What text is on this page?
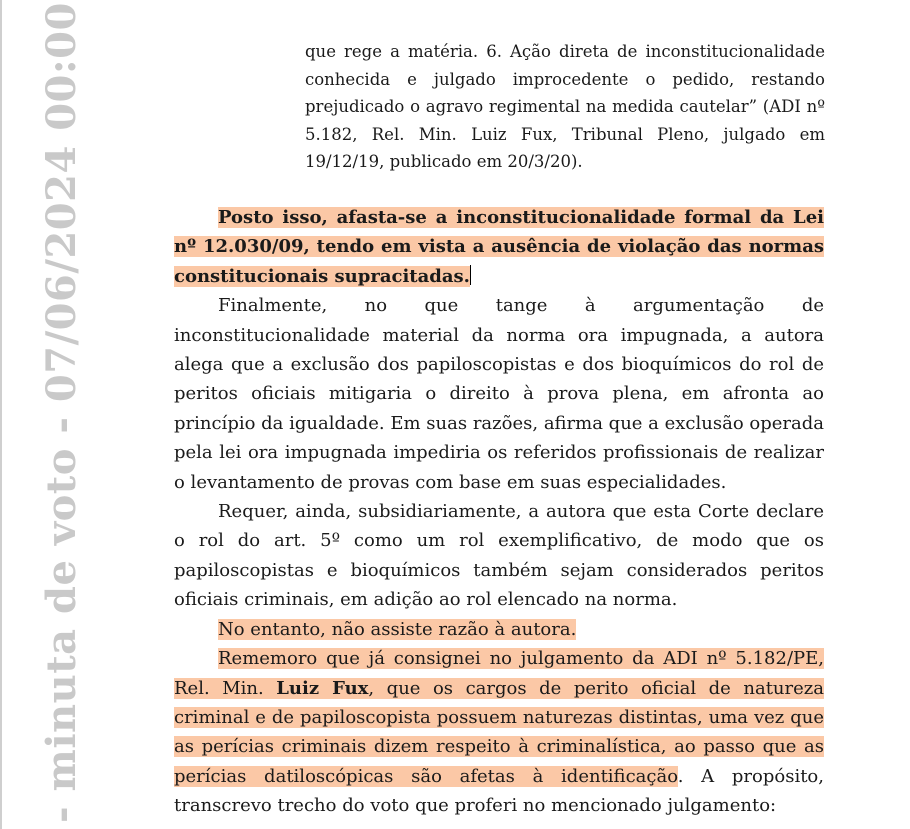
- minuta de voto - 07/06/2024 00:00	que rege a matéria. 6. Ação direta de inconstitucionalidade conhecida e julgado improcedente o pedido, restando prejudicado o agravo regimental na medida cautelar” (ADI nº 5.182, Rel. Min. Luiz Fux, Tribunal Pleno, julgado em 19/12/19, publicado em 20/3/20).

Posto isso, afasta-se a inconstitucionalidade formal da Lei nº 12.030/09, tendo em vista a ausência de violação das normas constitucionais supracitadas.

Finalmente, no que tange à argumentação de inconstitucionalidade material da norma ora impugnada, a autora alega que a exclusão dos papiloscopistas e dos bioquímicos do rol de peritos oficiais mitigaria o direito à prova plena, em afronta ao princípio da igualdade. Em suas razões, afirma que a exclusão operada pela lei ora impugnada impediria os referidos profissionais de realizar o levantamento de provas com base em suas especialidades.

Requer, ainda, subsidiariamente, a autora que esta Corte declare o rol do art. 5º como um rol exemplificativo, de modo que os papiloscopistas e bioquímicos também sejam considerados peritos oficiais criminais, em adição ao rol elencado na norma.

No entanto, não assiste razão à autora.

Rememoro que já consignei no julgamento da ADI nº 5.182/PE, Rel. Min. Luiz Fux, que os cargos de perito oficial de natureza criminal e de papiloscopista possuem naturezas distintas, uma vez que as perícias criminais dizem respeito à criminalística, ao passo que as perícias datiloscópicas são afetas à identificação. A propósito, transcrevo trecho do voto que proferi no mencionado julgamento:
